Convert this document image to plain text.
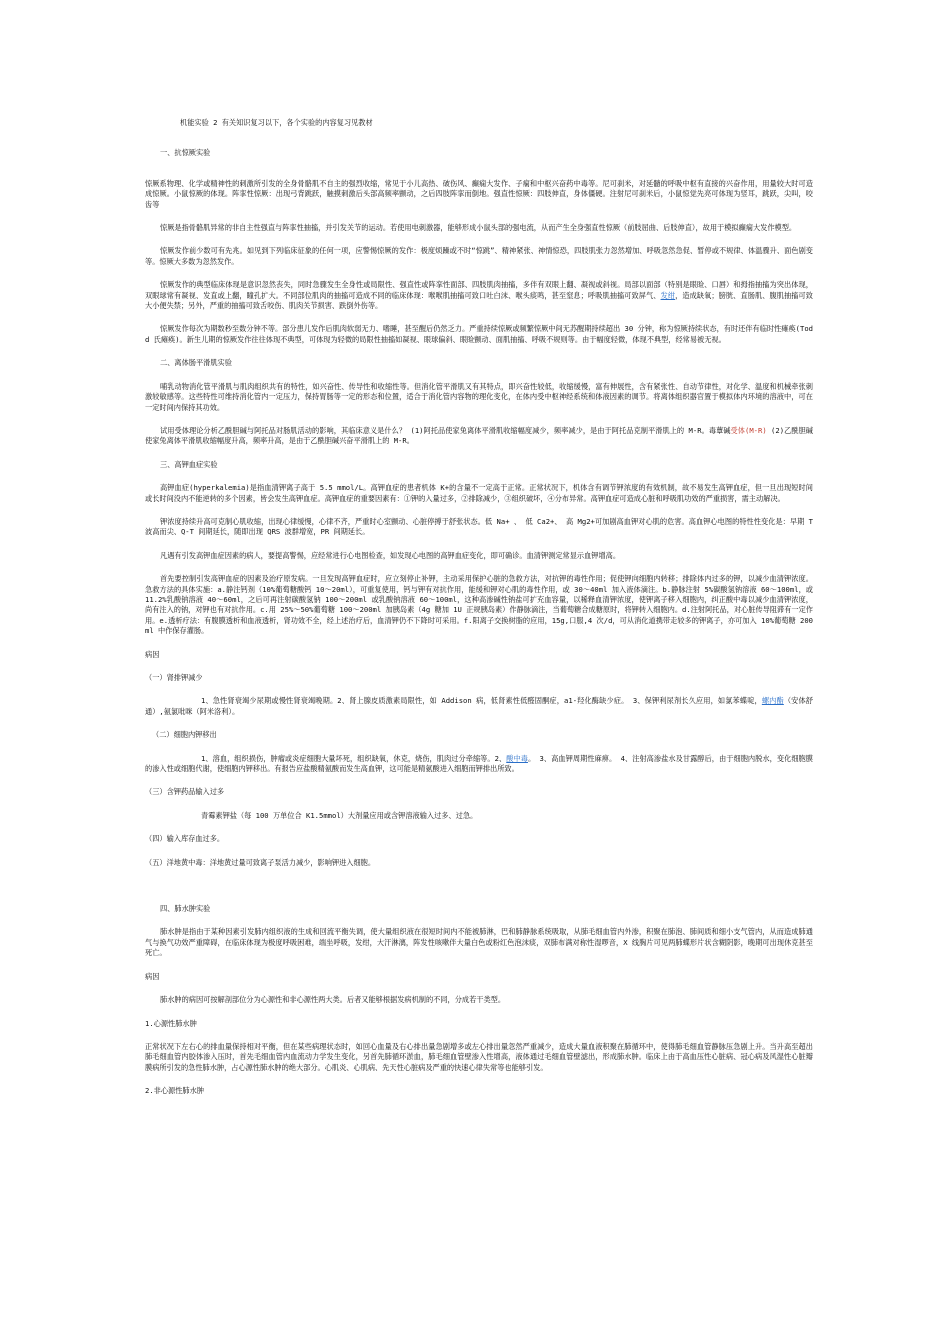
机能实验 2 有关知识复习以下，各个实验的内容复习见教材

一、抗惊厥实验

惊厥系物理、化学或精神性的刺激所引发的全身骨骼肌不自主的强烈收缩，常见于小儿高热、破伤风、癫痫大发作、子痫和中枢兴奋药中毒等。尼可刹米，对延髓的呼吸中枢有直接的兴奋作用，用量较大时可造成惊厥。小鼠惊厥的体现。阵挛性惊厥：出现弓背跳跃，触摸刺激后头部高频率颤动，之后四肢阵挛而倒地。强直性惊厥：四肢伸直，身体僵硬。注射尼可刹米后，小鼠惊觉先亮可体现为竖耳，跳跃，尖叫，咬齿等

惊厥是指骨骼肌异常的非自主性强直与阵挛性抽搐，并引发关节的运动。若使用电刺激器，能够形成小鼠头部的强电流，从而产生全身强直性惊厥（前肢屈曲、后肢伸直），故用于模拟癫痫大发作模型。

惊厥发作前少数可有先兆。如见到下列临床征象的任何一项，应警惕惊厥的发作：极度烦躁或不时“惊跳”、精神紧张、神情惊恐，四肢肌张力忽然增加、呼吸忽然急促、暂停或不规律、体温骤升、面色剧变等。惊厥大多数为忽然发作。

惊厥发作的典型临床体现是意识忽然丧失，同时急骤发生全身性或局限性、强直性或阵挛性面部、四肢肌肉抽搐，多伴有双眼上翻、凝视或斜视。局部以面部（特别是眼睑、口唇）和拇指抽搐为突出体现，双眼球常有凝视、发直或上翻，瞳孔扩大。不同部位肌肉的抽搐可造成不同的临床体现：喉喉肌抽搐可致口吐白沫、喉头痰鸣，甚至窒息；呼吸肌抽搐可致屏气、发绀，造成缺氧；膀胱、直肠肌、腹肌抽搐可致大小便失禁；另外，严重的抽搐可致舌咬伤、肌肉关节损害、跌倒外伤等。

惊厥发作每次为期数秒至数分钟不等。部分患儿发作后肌肉软弱无力、嗜睡，甚至醒后仍然乏力。严重持续惊厥或频繁惊厥中间无苏醒期持续超出 30 分钟，称为惊厥持续状态，有时还伴有临时性瘫痪(Todd 氏瘫痪)。新生儿期的惊厥发作往往体现不典型，可体现为轻微的局限性抽搐如凝视、眼球偏斜、眼睑颤动、面肌抽搐、呼吸不规则等。由于幅度轻微，体现不典型，经常易被无视。

二、离体肠平滑肌实验

哺乳动物消化管平滑肌与肌肉组织共有的特性，如兴奋性、传导性和收缩性等。但消化管平滑肌又有其特点，即兴奋性较低，收缩缓慢，富有伸展性，含有紧张性、自动节律性，对化学、温度和机械牵张刺激较敏感等。这些特性可维持消化管内一定压力，保持胃肠等一定的形态和位置，适合于消化管内容物的理化变化，在体内受中枢神经系统和体液因素的调节。将离体组织器官置于模拟体内环境的溶液中，可在一定时间内保持其功效。

试用受体理论分析乙酰胆碱与阿托品对肠肌活动的影响，其临床意义是什么？ (1)阿托品使家兔离体平滑肌收缩幅度减少，频率减少，是由于阿托品克制平滑肌上的 M-R。毒蕈碱受体(M-R) (2)乙酰胆碱使家兔离体平滑肌收缩幅度升高，频率升高，是由于乙酰胆碱兴奋平滑肌上的 M-R。

三、高钾血症实验

高钾血症(hyperkalemia)是指血清钾离子高于 5.5 mmol/L。高钾血症的患者机体 K+的含量不一定高于正常。正常状况下，机体含有调节钾浓度的有效机制，故不易发生高钾血症，但一旦出现短时间或长时间没内不能逆转的多个因素，皆会发生高钾血症。高钾血症的重要因素有：①钾的入量过多，②排除减少，③组织破坏，④分布异常。高钾血症可造成心脏和呼吸肌功效的严重损害，需主动解决。

钾浓度持续升高可克制心肌收缩，出现心律缓慢，心律不齐，严重时心室颤动、心脏停搏于舒张状态。低 Na+ 、 低 Ca2+、 高 Mg2+可加剧高血钾对心肌的危害。高血钾心电图的特性性变化是：早期 T 波高而尖、Q-T 间期延长，随即出现 QRS 波群增宽，PR 间期延长。

凡遇有引发高钾血症因素的病人，要提高警惕，应经常进行心电图检查，如发现心电图的高钾血症变化，即可确诊。血清钾测定常显示血钾增高。

首先要控制引发高钾血症的因素及治疗原发病。一旦发现高钾血症时，应立刻停止补钾，主动采用保护心脏的急救方法，对抗钾的毒性作用；促使钾向细胞内转移；排除体内过多的钾，以减少血清钾浓度。急救方法的具体实施：a.静注钙剂（10%葡萄糖酸钙 10～20ml），可重复使用，钙与钾有对抗作用，能缓和钾对心肌的毒性作用，或 30～40ml 加入液体滴注。b.静脉注射 5%碳酸氢钠溶液 60～100ml，或 11.2%乳酸钠溶液 40～60ml，之后可再注射碳酸氢钠 100～200ml 或乳酸钠溶液 60～100ml，这种高渗碱性钠盐可扩充血容量，以稀释血清钾浓度，使钾离子移入细胞内，纠正酸中毒以减少血清钾浓度，尚有注入的钠，对钾也有对抗作用。c.用 25%～50%葡萄糖 100～200ml 加胰岛素（4g 糖加 1U 正规胰岛素）作静脉滴注，当葡萄糖合成糖原时，将钾转入细胞内。d.注射阿托品，对心脏传导阻滞有一定作用。e.透析疗法：有腹膜透析和血液透析，肾功效不全，经上述治疗后，血清钾仍不下降时可采用。f.阳离子交换树脂的应用，15g,口服,4 次/d，可从消化道携带走较多的钾离子，亦可加入 10%葡萄糖 200ml 中作保存灌肠。

病因

（一）肾排钾减少

1、急性肾衰竭少尿期或慢性肾衰竭晚期。2、肾上腺皮质激素局限性，如 Addison 病，低肾素性低醛固酮症，a1-羟化酶缺少症。 3、保钾利尿剂长久应用，如氯苯蝶啶，螺内酯（安体舒通）,氨氯吡咪（阿米洛利）。

（二）细胞内钾移出

1、溶血，组织损伤，肿瘤或炎症细胞大量坏死，组织缺氧，休克，烧伤，肌肉过分牵缩等。2、酸中毒。 3、高血钾周期性麻痹。 4、注射高渗盐水及甘露醇后，由于细胞内脱水，变化细胞膜的渗入性或细胞代谢，使细胞内钾移出。有报告应盐酸精氨酸而发生高血钾，这可能是精氨酸进入细胞而钾排出所致。

（三）含钾药品输入过多

青霉素钾盐（每 100 万单位合 K1.5mmol）大剂量应用或含钾溶液输入过多、过急。

（四）输入库存血过多。

（五）洋地黄中毒：洋地黄过量可致离子泵活力减少，影响钾进入细胞。

四、肺水肿实验

肺水肿是指由于某种因素引发肺内组织液的生成和回流平衡失调，使大量组织液在很短时间内不能被肺淋，巴和肺静脉系统吸取，从肺毛细血管内外渗，积聚在肺泡、肺间质和细小支气管内，从而造成肺通气与换气功效严重障碍，在临床体现为极度呼吸困难，端坐呼吸，发绀，大汗淋漓，阵发性咳嗽伴大量白色或粉红色泡沫痰，双肺布满对称性湿啰音，X 线胸片可见两肺蝶形片状含糊阴影，晚期可出现休克甚至死亡。

病因

肺水肿的病因可按解剖部位分为心源性和非心源性两大类。后者又能够根据发病机制的不同，分成若干类型。

1.心源性肺水肿

正常状况下左右心的排血量保持相对平衡，但在某些病理状态时，如回心血量及右心排出量急剧增多或左心排出量忽然严重减少，造成大量血液积聚在肺循环中，使得肺毛细血管静脉压急剧上升。当升高至超出肺毛细血管内胶体渗入压时，首先毛细血管内血流动力学发生变化，另首先肺循环淤血，肺毛细血管壁渗入性增高，液体通过毛细血管壁滤出，形成肺水肿。临床上由于高血压性心脏病、冠心病及风湿性心脏瓣膜病所引发的急性肺水肿，占心源性肺水肿的绝大部分。心肌炎、心肌病、先天性心脏病及严重的快速心律失常等也能够引发。

2.非心源性肺水肿
